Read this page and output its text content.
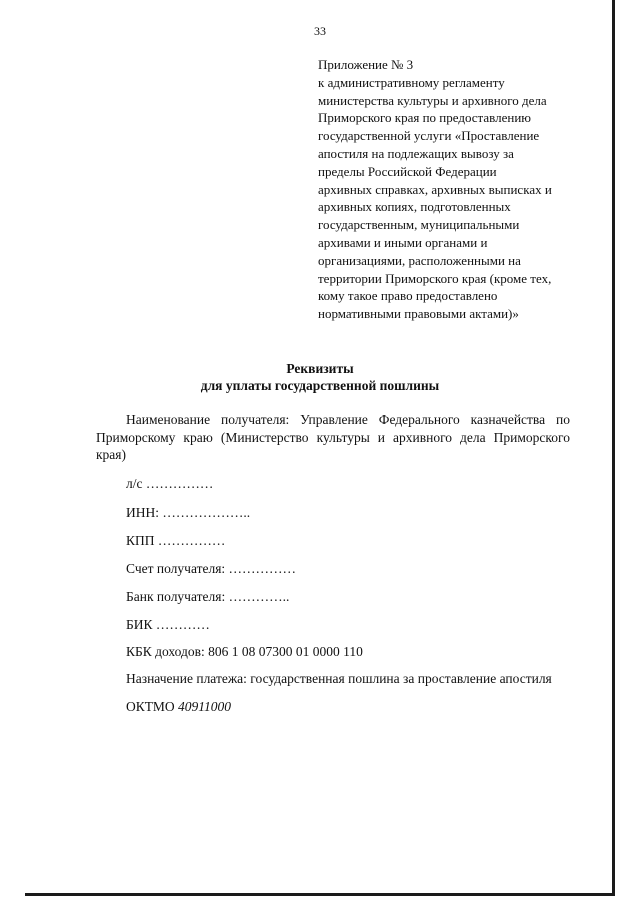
33
Приложение № 3
к административному регламенту
министерства культуры и архивного дела
Приморского края по предоставлению
государственной услуги «Проставление
апостиля на подлежащих вывозу за
пределы Российской Федерации
архивных справках, архивных выписках и
архивных копиях, подготовленных
государственным, муниципальными
архивами и иными органами и
организациями, расположенными на
территории Приморского края (кроме тех,
кому такое право предоставлено
нормативными правовыми актами)»
Реквизиты
для уплаты государственной пошлины
Наименование получателя: Управление Федерального казначейства по
Приморскому краю (Министерство культуры и архивного дела Приморского
края)
л/с ……………
ИНН: ………………..
КПП ……………
Счет получателя: ……………
Банк получателя: …………..
БИК …………
КБК доходов: 806 1 08 07300 01 0000 110
Назначение платежа: государственная пошлина за проставление апостиля
ОКТМО 40911000
